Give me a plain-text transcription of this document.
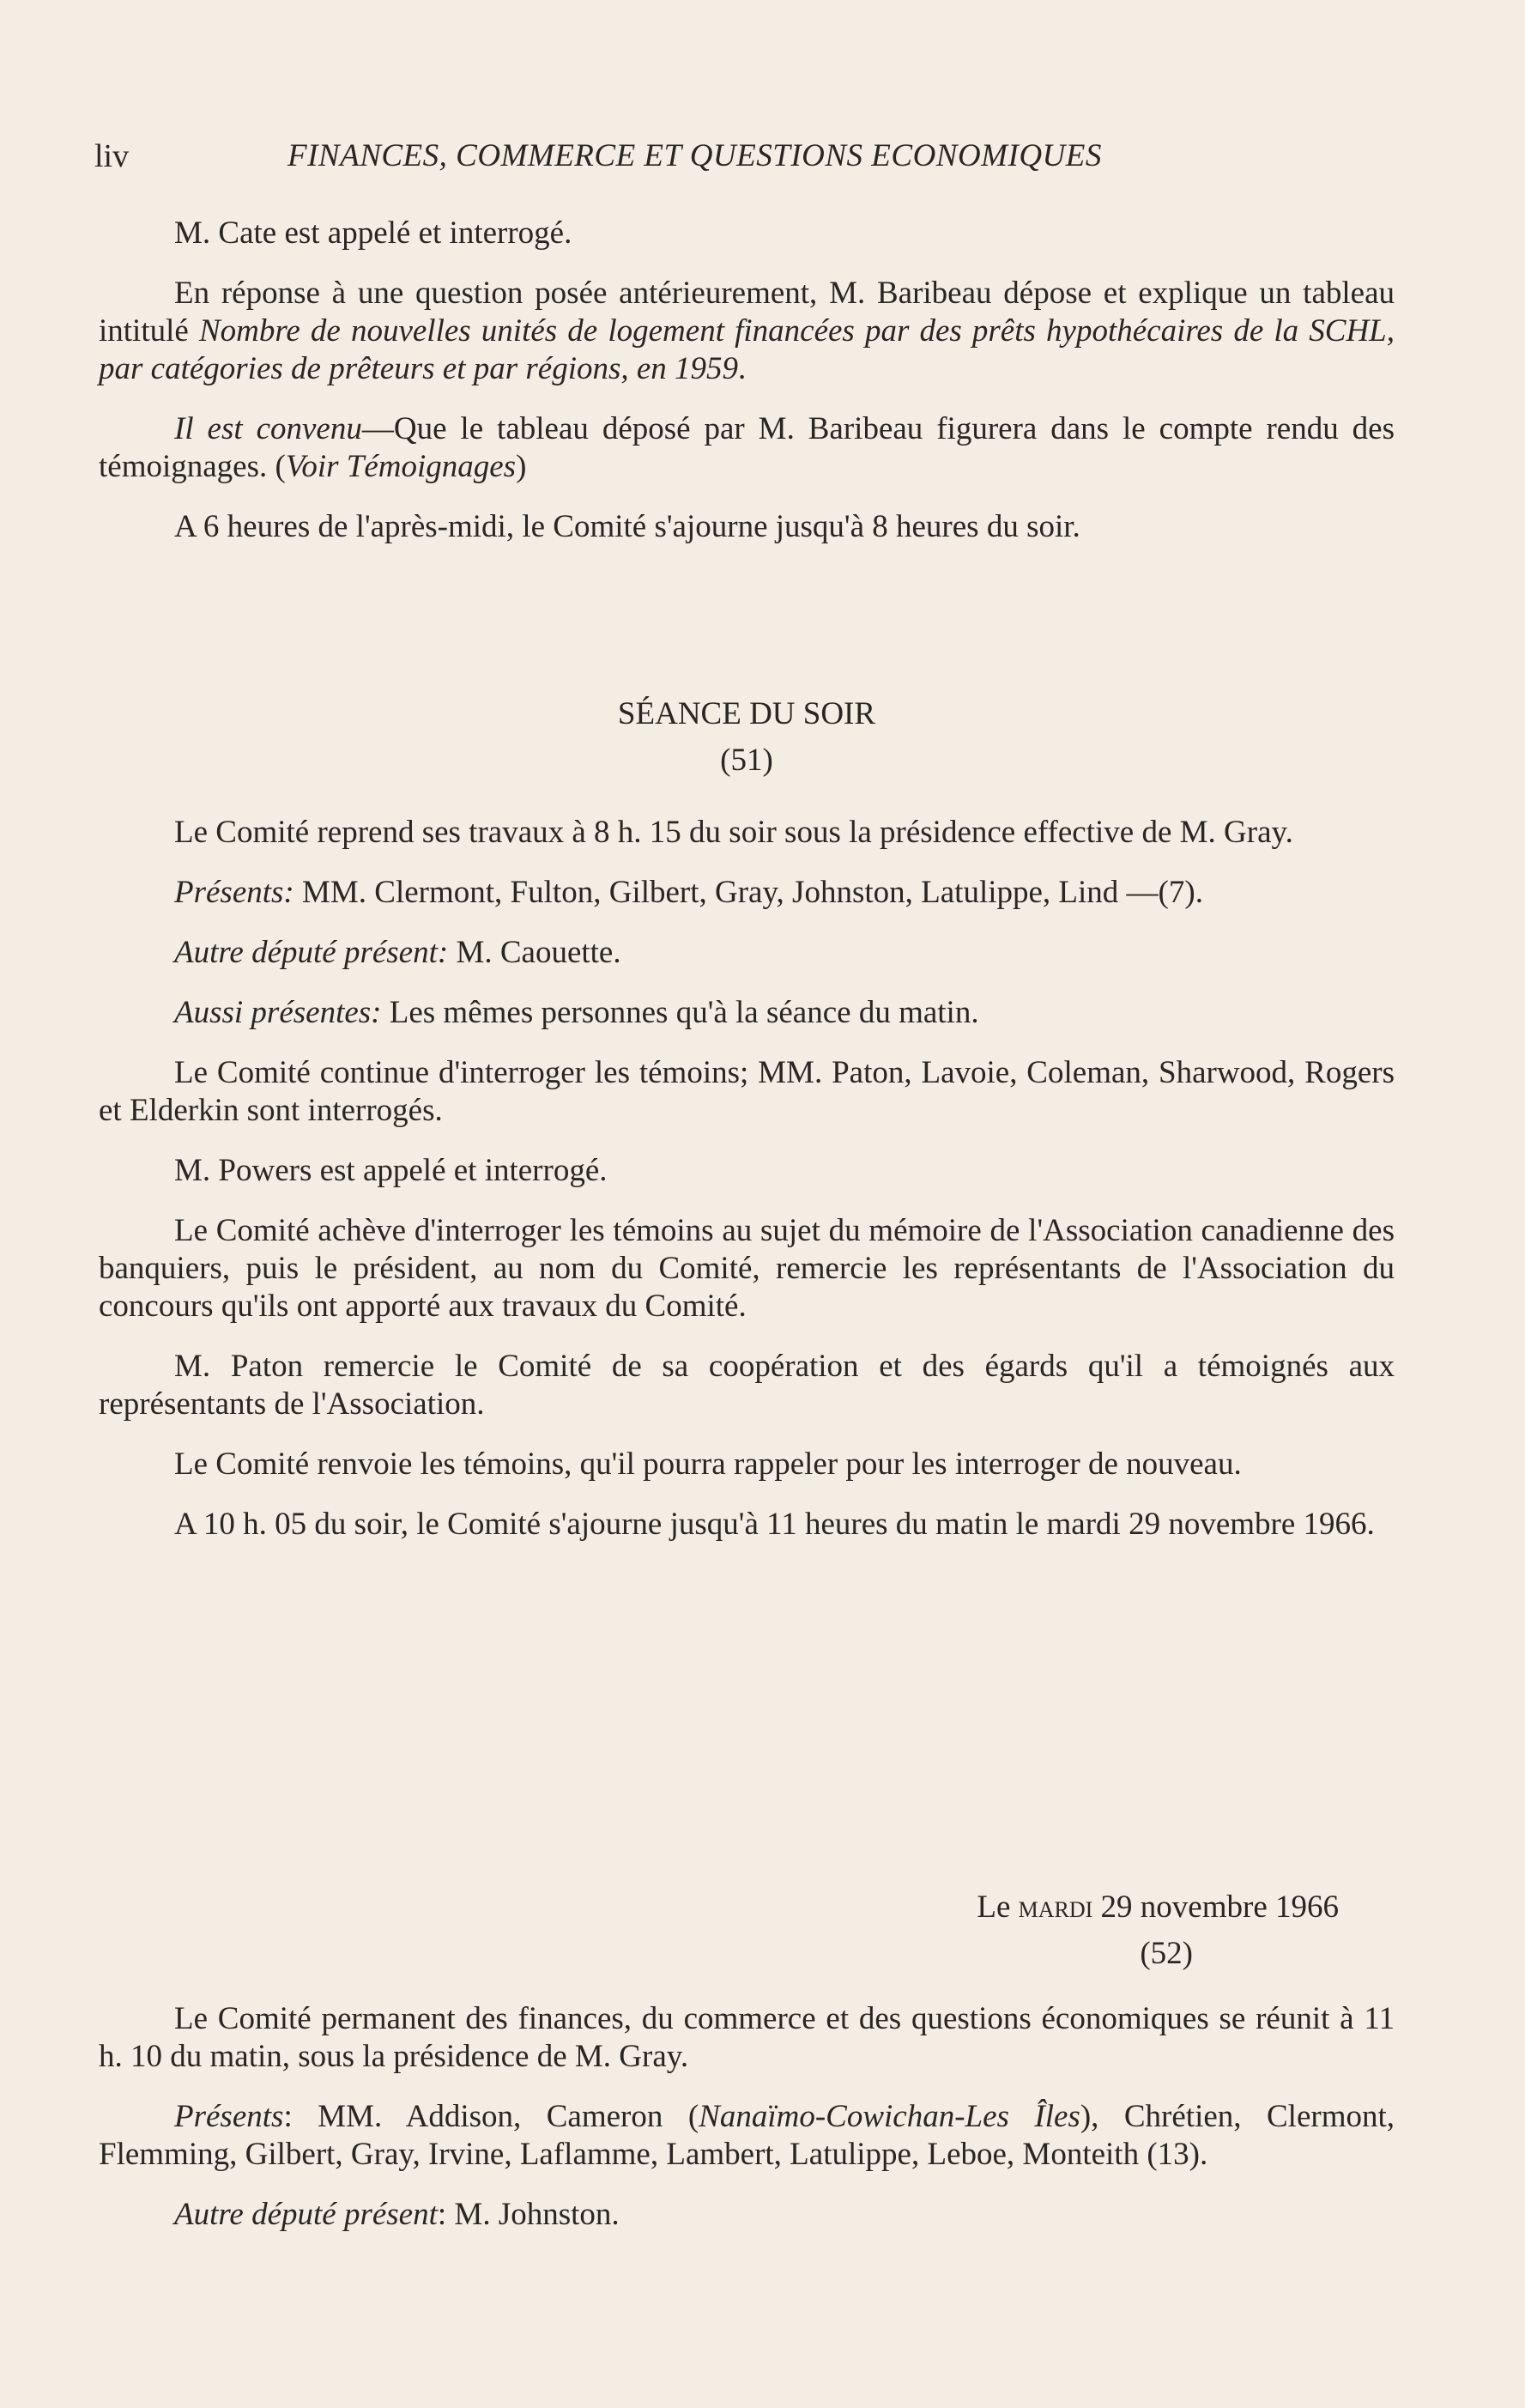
liv	FINANCES, COMMERCE ET QUESTIONS ECONOMIQUES

M. Cate est appelé et interrogé.

En réponse à une question posée antérieurement, M. Baribeau dépose et explique un tableau intitulé Nombre de nouvelles unités de logement financées par des prêts hypothécaires de la SCHL, par catégories de prêteurs et par régions, en 1959.

Il est convenu—Que le tableau déposé par M. Baribeau figurera dans le compte rendu des témoignages. (Voir Témoignages)

A 6 heures de l'après-midi, le Comité s'ajourne jusqu'à 8 heures du soir.

SÉANCE DU SOIR
(51)

Le Comité reprend ses travaux à 8 h. 15 du soir sous la présidence effective de M. Gray.

Présents: MM. Clermont, Fulton, Gilbert, Gray, Johnston, Latulippe, Lind —(7).

Autre député présent: M. Caouette.

Aussi présentes: Les mêmes personnes qu'à la séance du matin.

Le Comité continue d'interroger les témoins; MM. Paton, Lavoie, Coleman, Sharwood, Rogers et Elderkin sont interrogés.

M. Powers est appelé et interrogé.

Le Comité achève d'interroger les témoins au sujet du mémoire de l'Association canadienne des banquiers, puis le président, au nom du Comité, remercie les représentants de l'Association du concours qu'ils ont apporté aux travaux du Comité.

M. Paton remercie le Comité de sa coopération et des égards qu'il a témoignés aux représentants de l'Association.

Le Comité renvoie les témoins, qu'il pourra rappeler pour les interroger de nouveau.

A 10 h. 05 du soir, le Comité s'ajourne jusqu'à 11 heures du matin le mardi 29 novembre 1966.

Le mardi 29 novembre 1966
(52)

Le Comité permanent des finances, du commerce et des questions économiques se réunit à 11 h. 10 du matin, sous la présidence de M. Gray.

Présents: MM. Addison, Cameron (Nanaïmo-Cowichan-Les Îles), Chrétien, Clermont, Flemming, Gilbert, Gray, Irvine, Laflamme, Lambert, Latulippe, Leboe, Monteith (13).

Autre député présent: M. Johnston.
